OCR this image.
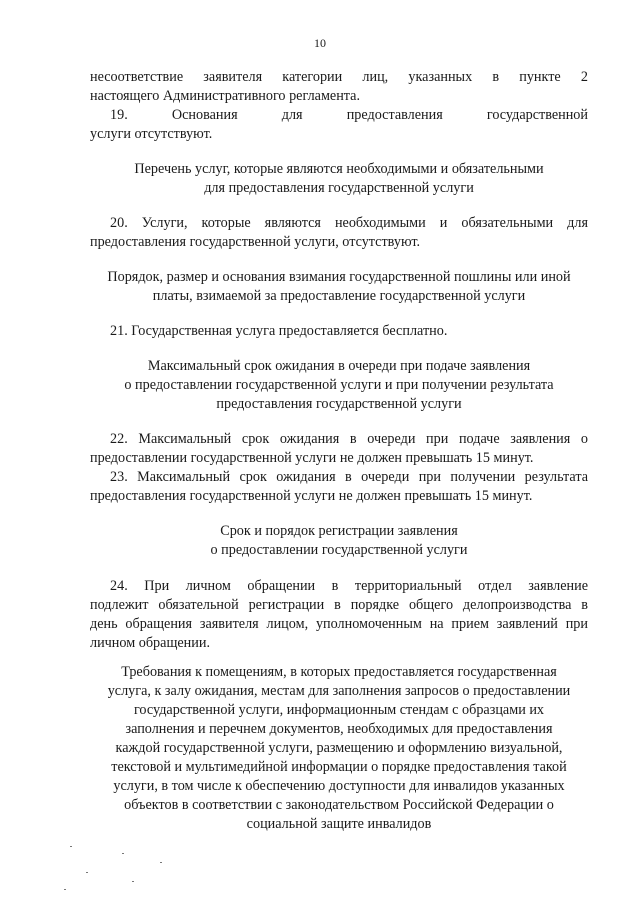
10
несоответствие заявителя категории лиц, указанных в пункте 2
настоящего Административного регламента.
19. Основания для предоставления государственной
услуги отсутствуют.
Перечень услуг, которые являются необходимыми и обязательными
для предоставления государственной услуги
20. Услуги, которые являются необходимыми и обязательными для
предоставления государственной услуги, отсутствуют.
Порядок, размер и основания взимания государственной пошлины или иной
платы, взимаемой за предоставление государственной услуги
21. Государственная услуга предоставляется бесплатно.
Максимальный срок ожидания в очереди при подаче заявления
о предоставлении государственной услуги и при получении результата
предоставления государственной услуги
22. Максимальный срок ожидания в очереди при подаче заявления о
предоставлении государственной услуги не должен превышать 15 минут.
23. Максимальный срок ожидания в очереди при получении результата
предоставления государственной услуги не должен превышать 15 минут.
Срок и порядок регистрации заявления
о предоставлении государственной услуги
24. При личном обращении в территориальный отдел заявление
подлежит обязательной регистрации в порядке общего делопроизводства в
день обращения заявителя лицом, уполномоченным на прием заявлений при
личном обращении.
Требования к помещениям, в которых предоставляется государственная
услуга, к залу ожидания, местам для заполнения запросов о предоставлении
государственной услуги, информационным стендам с образцами их
заполнения и перечнем документов, необходимых для предоставления
каждой государственной услуги, размещению и оформлению визуальной,
текстовой и мультимедийной информации о порядке предоставления такой
услуги, в том числе к обеспечению доступности для инвалидов указанных
объектов в соответствии с законодательством Российской Федерации о
социальной защите инвалидов
